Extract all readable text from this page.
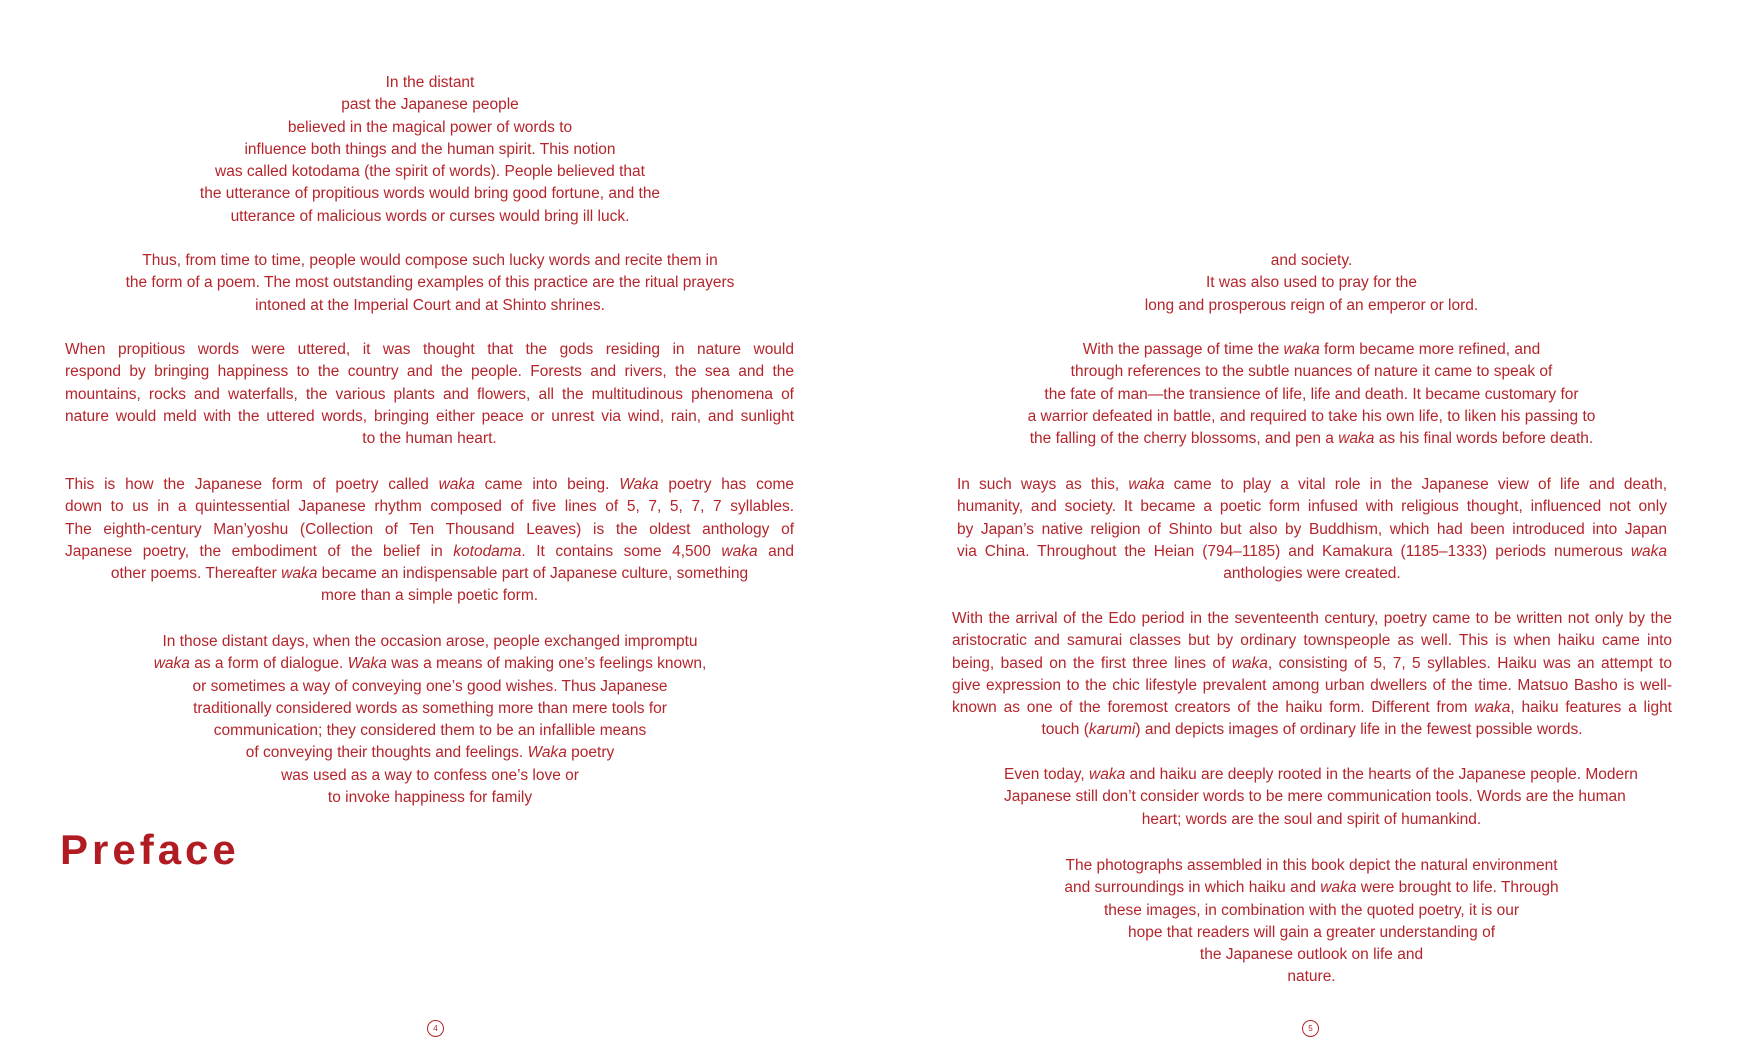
In the distant
past the Japanese people
believed in the magical power of words to
influence both things and the human spirit. This notion
was called kotodama (the spirit of words). People believed that
the utterance of propitious words would bring good fortune, and the
utterance of malicious words or curses would bring ill luck.

Thus, from time to time, people would compose such lucky words and recite them in
the form of a poem. The most outstanding examples of this practice are the ritual prayers
intoned at the Imperial Court and at Shinto shrines.

When propitious words were uttered, it was thought that the gods residing in nature would
respond by bringing happiness to the country and the people. Forests and rivers, the sea and the
mountains, rocks and waterfalls, the various plants and flowers, all the multitudinous phenomena of
nature would meld with the uttered words, bringing either peace or unrest via wind, rain, and sunlight
to the human heart.

This is how the Japanese form of poetry called waka came into being. Waka poetry has come
down to us in a quintessential Japanese rhythm composed of five lines of 5, 7, 5, 7, 7 syllables.
The eighth-century Man’yoshu (Collection of Ten Thousand Leaves) is the oldest anthology of
Japanese poetry, the embodiment of the belief in kotodama. It contains some 4,500 waka and
other poems. Thereafter waka became an indispensable part of Japanese culture, something
more than a simple poetic form.

In those distant days, when the occasion arose, people exchanged impromptu
waka as a form of dialogue. Waka was a means of making one’s feelings known,
or sometimes a way of conveying one’s good wishes. Thus Japanese
traditionally considered words as something more than mere tools for
communication; they considered them to be an infallible means
of conveying their thoughts and feelings. Waka poetry
was used as a way to confess one’s love or
to invoke happiness for family

Preface
4

and society.
It was also used to pray for the
long and prosperous reign of an emperor or lord.

With the passage of time the waka form became more refined, and
through references to the subtle nuances of nature it came to speak of
the fate of man—the transience of life, life and death. It became customary for
a warrior defeated in battle, and required to take his own life, to liken his passing to
the falling of the cherry blossoms, and pen a waka as his final words before death.

In such ways as this, waka came to play a vital role in the Japanese view of life and death,
humanity, and society. It became a poetic form infused with religious thought, influenced not only
by Japan’s native religion of Shinto but also by Buddhism, which had been introduced into Japan
via China. Throughout the Heian (794–1185) and Kamakura (1185–1333) periods numerous waka
anthologies were created.

With the arrival of the Edo period in the seventeenth century, poetry came to be written not only by the
aristocratic and samurai classes but by ordinary townspeople as well. This is when haiku came into
being, based on the first three lines of waka, consisting of 5, 7, 5 syllables. Haiku was an attempt to
give expression to the chic lifestyle prevalent among urban dwellers of the time. Matsuo Basho is well-
known as one of the foremost creators of the haiku form. Different from waka, haiku features a light
touch (karumi) and depicts images of ordinary life in the fewest possible words.

Even today, waka and haiku are deeply rooted in the hearts of the Japanese people. Modern
Japanese still don’t consider words to be mere communication tools. Words are the human
heart; words are the soul and spirit of humankind.

The photographs assembled in this book depict the natural environment
and surroundings in which haiku and waka were brought to life. Through
these images, in combination with the quoted poetry, it is our
hope that readers will gain a greater understanding of
the Japanese outlook on life and
nature.

5
